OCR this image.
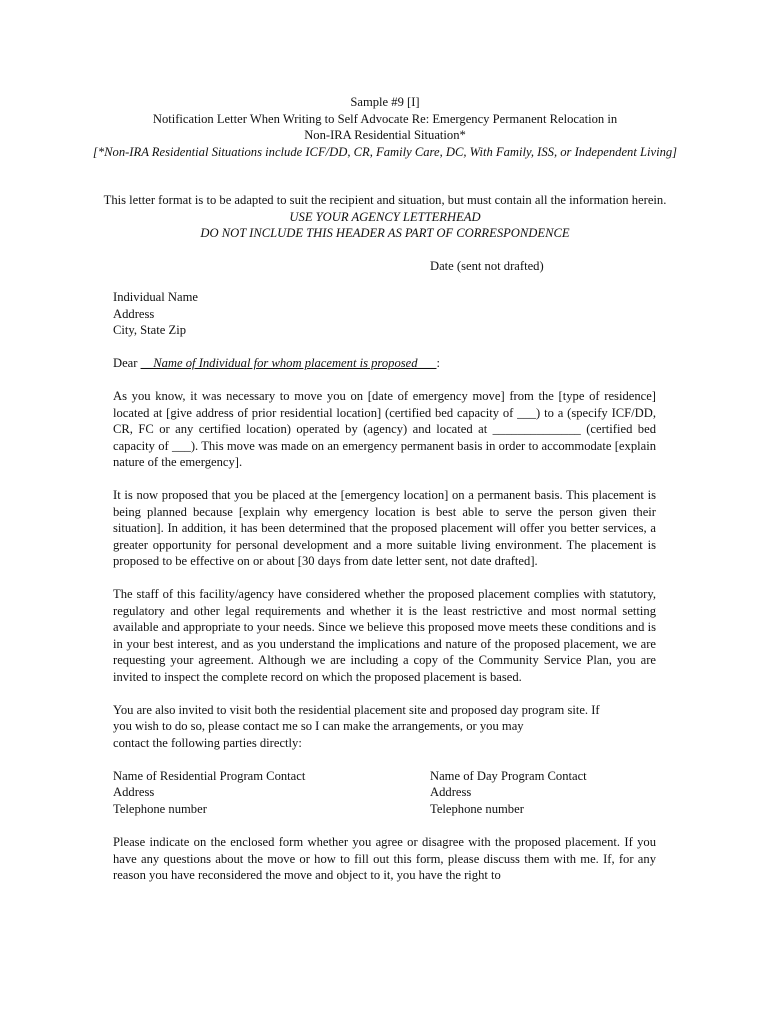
Sample #9 [I]
Notification Letter When Writing to Self Advocate Re: Emergency Permanent Relocation in
Non-IRA Residential Situation*
[*Non-IRA Residential Situations include ICF/DD, CR, Family Care, DC, With Family, ISS, or Independent Living]
This letter format is to be adapted to suit the recipient and situation, but must contain all the information herein.
USE YOUR AGENCY LETTERHEAD
DO NOT INCLUDE THIS HEADER AS PART OF CORRESPONDENCE
Date (sent not drafted)
Individual Name
Address
City, State Zip
Dear __Name of Individual for whom placement is proposed___:

As you know, it was necessary to move you on [date of emergency move] from the [type of residence] located at [give address of prior residential location] (certified bed capacity of ___) to a (specify ICF/DD, CR, FC or any certified location) operated by (agency) and located at ______________ (certified bed capacity of ___). This move was made on an emergency permanent basis in order to accommodate [explain nature of the emergency].

It is now proposed that you be placed at the [emergency location] on a permanent basis. This placement is being planned because [explain why emergency location is best able to serve the person given their situation]. In addition, it has been determined that the proposed placement will offer you better services, a greater opportunity for personal development and a more suitable living environment. The placement is proposed to be effective on or about [30 days from date letter sent, not date drafted].

The staff of this facility/agency have considered whether the proposed placement complies with statutory, regulatory and other legal requirements and whether it is the least restrictive and most normal setting available and appropriate to your needs. Since we believe this proposed move meets these conditions and is in your best interest, and as you understand the implications and nature of the proposed placement, we are requesting your agreement. Although we are including a copy of the Community Service Plan, you are invited to inspect the complete record on which the proposed placement is based.

You are also invited to visit both the residential placement site and proposed day program site. If
you wish to do so, please contact me so I can make the arrangements, or you may
contact the following parties directly:
Name of Residential Program Contact
Address
Telephone number
Name of Day Program Contact
Address
Telephone number

Please indicate on the enclosed form whether you agree or disagree with the proposed placement. If you have any questions about the move or how to fill out this form, please discuss them with me. If, for any reason you have reconsidered the move and object to it, you have the right to
